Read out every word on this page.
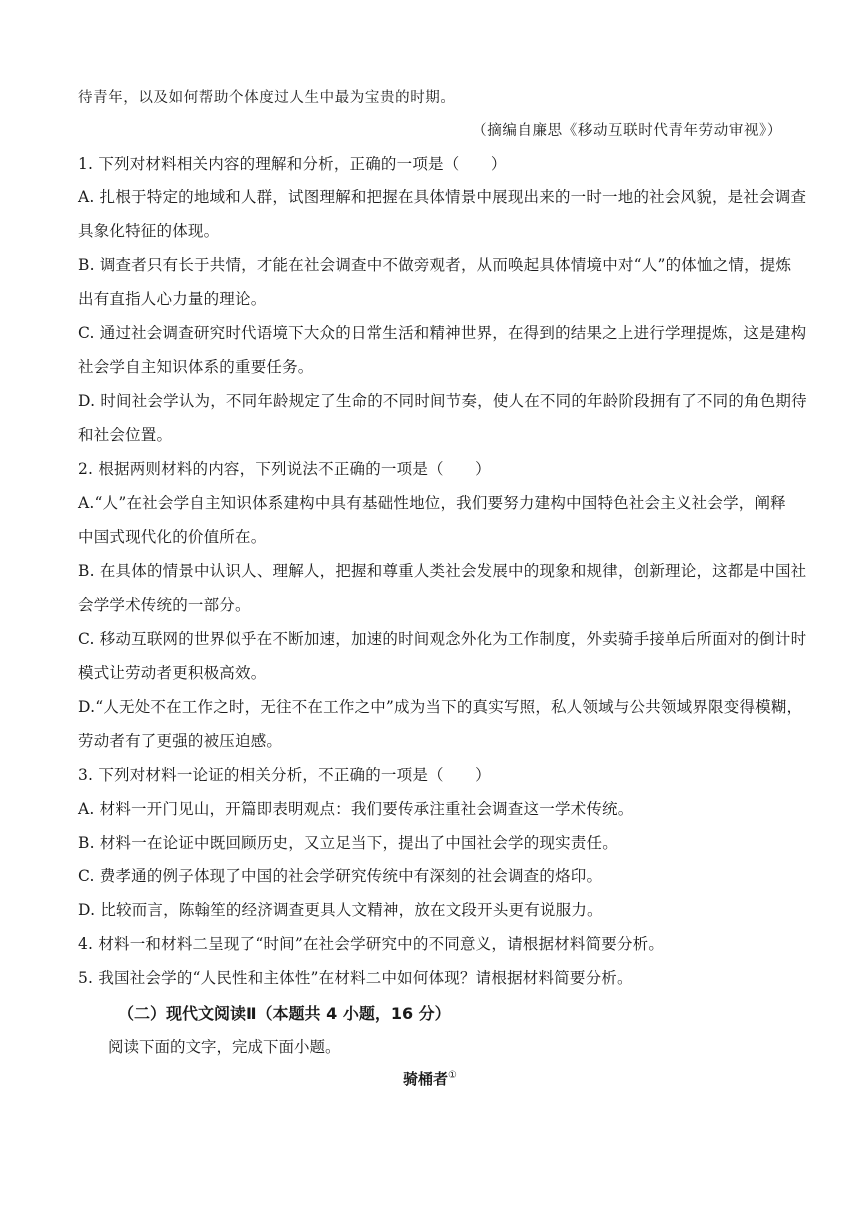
待青年，以及如何帮助个体度过人生中最为宝贵的时期。
（摘编自廉思《移动互联时代青年劳动审视》）
1. 下列对材料相关内容的理解和分析，正确的一项是（　　）
A. 扎根于特定的地域和人群，试图理解和把握在具体情景中展现出来的一时一地的社会风貌，是社会调查
具象化特征的体现。
B. 调查者只有长于共情，才能在社会调查中不做旁观者，从而唤起具体情境中对“人”的体恤之情，提炼
出有直指人心力量的理论。
C. 通过社会调查研究时代语境下大众的日常生活和精神世界，在得到的结果之上进行学理提炼，这是建构
社会学自主知识体系的重要任务。
D. 时间社会学认为，不同年龄规定了生命的不同时间节奏，使人在不同的年龄阶段拥有了不同的角色期待
和社会位置。
2. 根据两则材料的内容，下列说法不正确的一项是（　　）
A.“人”在社会学自主知识体系建构中具有基础性地位，我们要努力建构中国特色社会主义社会学，阐释
中国式现代化的价值所在。
B. 在具体的情景中认识人、理解人，把握和尊重人类社会发展中的现象和规律，创新理论，这都是中国社
会学学术传统的一部分。
C. 移动互联网的世界似乎在不断加速，加速的时间观念外化为工作制度，外卖骑手接单后所面对的倒计时
模式让劳动者更积极高效。
D.“人无处不在工作之时，无往不在工作之中”成为当下的真实写照，私人领域与公共领域界限变得模糊，
劳动者有了更强的被压迫感。
3. 下列对材料一论证的相关分析，不正确的一项是（　　）
A. 材料一开门见山，开篇即表明观点：我们要传承注重社会调查这一学术传统。
B. 材料一在论证中既回顾历史，又立足当下，提出了中国社会学的现实责任。
C. 费孝通的例子体现了中国的社会学研究传统中有深刻的社会调查的烙印。
D. 比较而言，陈翰笙的经济调查更具人文精神，放在文段开头更有说服力。
4. 材料一和材料二呈现了“时间”在社会学研究中的不同意义，请根据材料简要分析。
5. 我国社会学的“人民性和主体性”在材料二中如何体现？请根据材料简要分析。
（二）现代文阅读Ⅱ（本题共 4 小题，16 分）
阅读下面的文字，完成下面小题。
骑桶者①
